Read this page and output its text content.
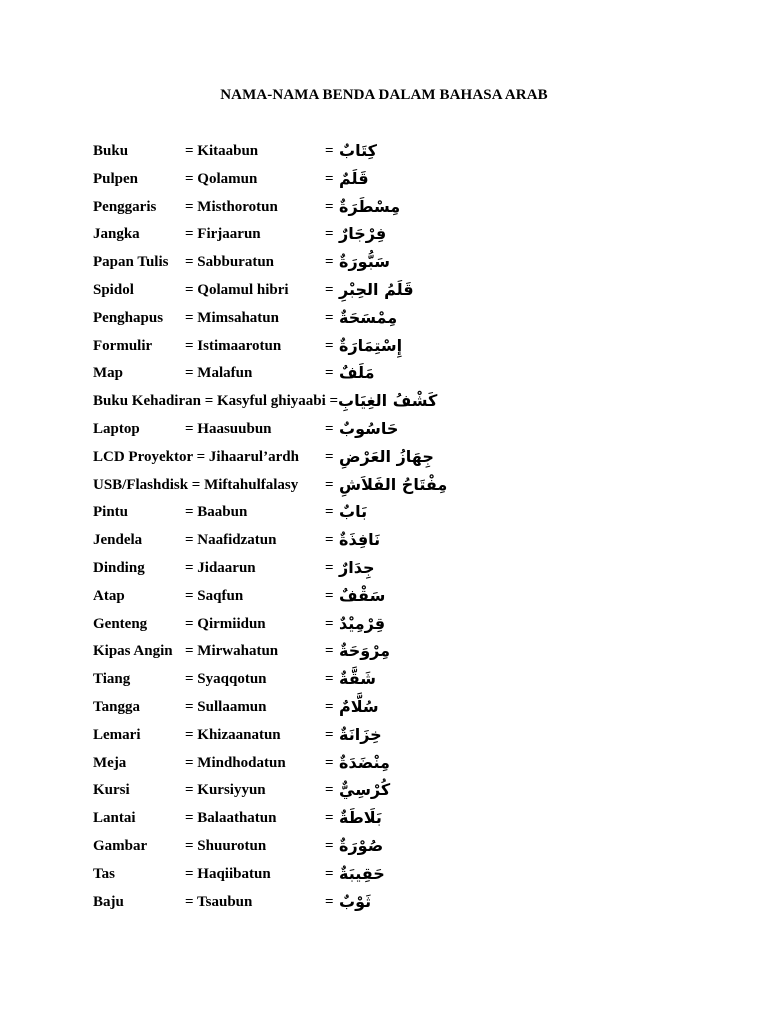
NAMA-NAMA BENDA DALAM BAHASA ARAB
Buku	= Kitaabun	= كِتَابٌ
Pulpen	= Qolamun	= قَلَمٌ
Penggaris = Misthorotun	= مِسْطَرَةٌ
Jangka	= Firjaarun	= فِرْجَارٌ
Papan Tulis = Sabburatun	= سَبُّورَةٌ
Spidol	= Qolamul hibri = قَلَمُ الحِبْرِ
Penghapus = Mimsahatun	= مِمْسَحَةٌ
Formulir = Istimaarotun	= إِسْتِمَارَةٌ
Map	= Malafun	= مَلَفٌ
Buku Kehadiran = Kasyful ghiyaabi = كَشْفُ الغِيَابِ
Laptop	= Haasuubun	= حَاسُوبٌ
LCD Proyektor = Jihaarul’ardh = جِهَازُ العَرْضِ
USB/Flashdisk = Miftahulfalasy = مِفْتَاحُ الفَلاَشِ
Pintu	= Baabun	= بَابٌ
Jendela	= Naafidzatun	= نَافِذَةٌ
Dinding	= Jidaarun	= جِدَارٌ
Atap	= Saqfun	= سَقْفٌ
Genteng	= Qirmiidun	= قِرْمِيْدٌ
Kipas Angin = Mirwahatun	= مِرْوَحَةٌ
Tiang	= Syaqqotun	= شَقَّةٌ
Tangga	= Sullaamun	= سُلَّامٌ
Lemari	= Khizaanatun	= خِزَانَةٌ
Meja	= Mindhodatun	= مِنْضَدَةٌ
Kursi	= Kursiyyun	= كُرْسِيٌّ
Lantai	= Balaathatun	= بَلَاطَةٌ
Gambar	= Shuurotun	= صُوْرَةٌ
Tas	= Haqiibatun	= حَقِيبَةٌ
Baju	= Tsaubun	= ثَوْبٌ
